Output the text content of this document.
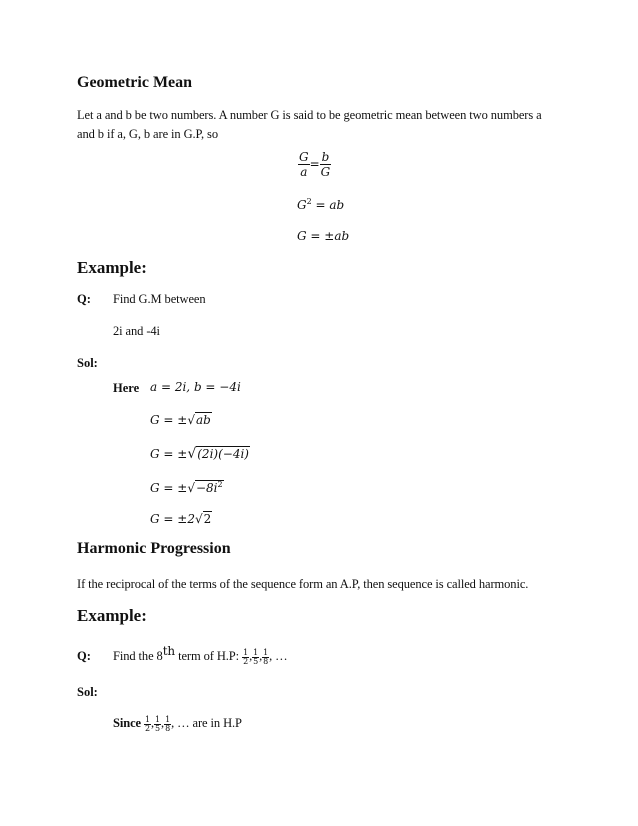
Geometric Mean
Let a and b be two numbers. A number G is said to be geometric mean between two numbers a
and b if a, G, b are in G.P, so
$\frac{G}{a} = \frac{b}{G}$
$G^2$ = ab
G = ±ab
Example:
Q: Find G.M between
2i and -4i
Sol:
Here a = 2i, b = −4i
G = ±√ab
G = ±√(2i)(−4i)
$G = \pm√-8i^2$
G = ±2√2
Harmonic Progression
If the reciprocal of the terms of the sequence form an A.P, then sequence is called harmonic.
Example:
Q: Find the 8th term of H.P: $\frac{1}{2}$ , $\frac{1}{5}$ , $\frac{1}{8}$ , …
Sol:
Since $\frac{1}{2}$ , $\frac{1}{5}$ , $\frac{1}{8}$ , … are in H.P
